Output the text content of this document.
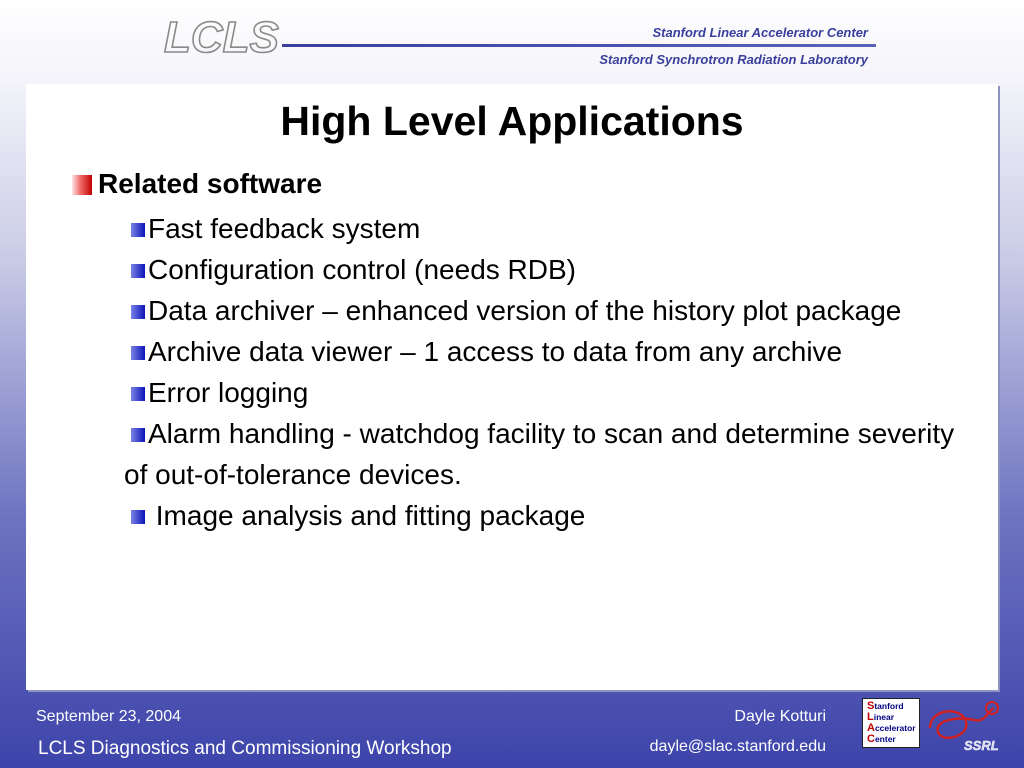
LCLS	Stanford Linear Accelerator Center
Stanford Synchrotron Radiation Laboratory
High Level Applications
Related software
Fast feedback system
Configuration control (needs RDB)
Data archiver – enhanced version of the history plot package
Archive data viewer – 1 access to data from any archive
Error logging
Alarm handling - watchdog facility to scan and determine severity of out-of-tolerance devices.
Image analysis and fitting package
September 23, 2004
LCLS Diagnostics and Commissioning Workshop
Dayle Kotturi
dayle@slac.stanford.edu
Stanford
Linear
Accelerator
Center	SSRL
